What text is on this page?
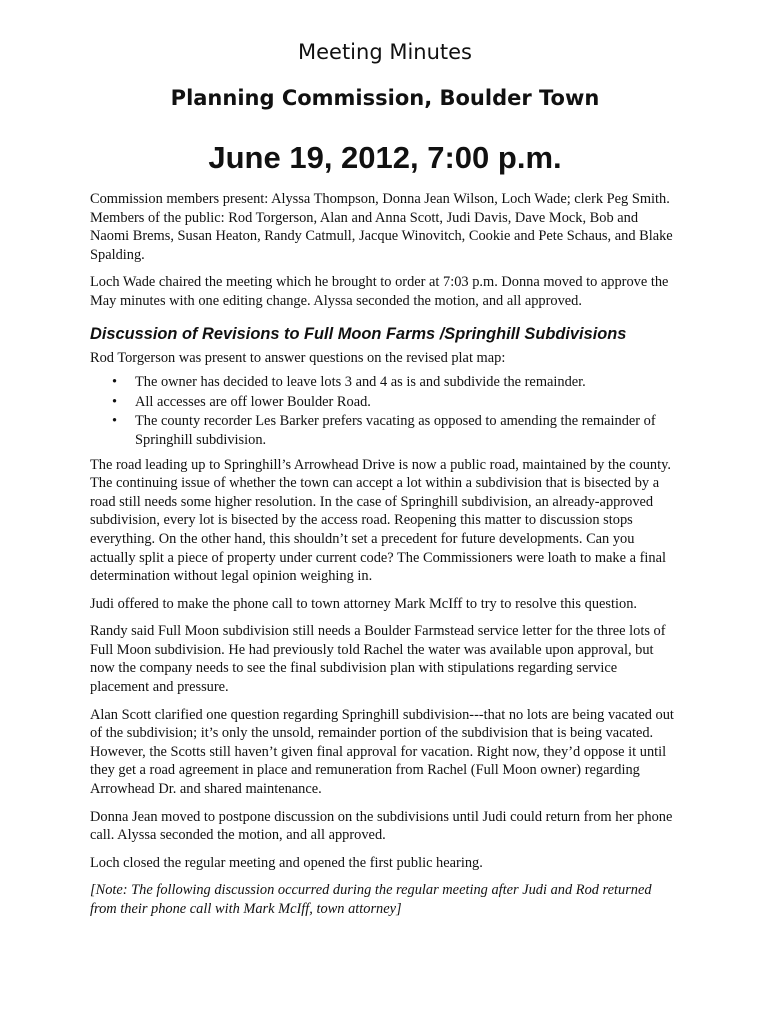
Meeting Minutes
Planning Commission, Boulder Town
June 19, 2012, 7:00 p.m.

Commission members present: Alyssa Thompson, Donna Jean Wilson, Loch Wade; clerk Peg Smith. Members of the public: Rod Torgerson, Alan and Anna Scott, Judi Davis, Dave Mock, Bob and Naomi Brems, Susan Heaton, Randy Catmull, Jacque Winovitch, Cookie and Pete Schaus, and Blake Spalding.

Loch Wade chaired the meeting which he brought to order at 7:03 p.m. Donna moved to approve the May minutes with one editing change. Alyssa seconded the motion, and all approved.

Discussion of Revisions to Full Moon Farms /Springhill Subdivisions

Rod Torgerson was present to answer questions on the revised plat map:

• The owner has decided to leave lots 3 and 4 as is and subdivide the remainder.
• All accesses are off lower Boulder Road.
• The county recorder Les Barker prefers vacating as opposed to amending the remainder of Springhill subdivision.

The road leading up to Springhill’s Arrowhead Drive is now a public road, maintained by the county. The continuing issue of whether the town can accept a lot within a subdivision that is bisected by a road still needs some higher resolution. In the case of Springhill subdivision, an already-approved subdivision, every lot is bisected by the access road. Reopening this matter to discussion stops everything. On the other hand, this shouldn’t set a precedent for future developments. Can you actually split a piece of property under current code? The Commissioners were loath to make a final determination without legal opinion weighing in.

Judi offered to make the phone call to town attorney Mark McIff to try to resolve this question.

Randy said Full Moon subdivision still needs a Boulder Farmstead service letter for the three lots of Full Moon subdivision. He had previously told Rachel the water was available upon approval, but now the company needs to see the final subdivision plan with stipulations regarding service placement and pressure.

Alan Scott clarified one question regarding Springhill subdivision---that no lots are being vacated out of the subdivision; it’s only the unsold, remainder portion of the subdivision that is being vacated. However, the Scotts still haven’t given final approval for vacation. Right now, they’d oppose it until they get a road agreement in place and remuneration from Rachel (Full Moon owner) regarding Arrowhead Dr. and shared maintenance.

Donna Jean moved to postpone discussion on the subdivisions until Judi could return from her phone call. Alyssa seconded the motion, and all approved.

Loch closed the regular meeting and opened the first public hearing.

[Note: The following discussion occurred during the regular meeting after Judi and Rod returned from their phone call with Mark McIff, town attorney]
